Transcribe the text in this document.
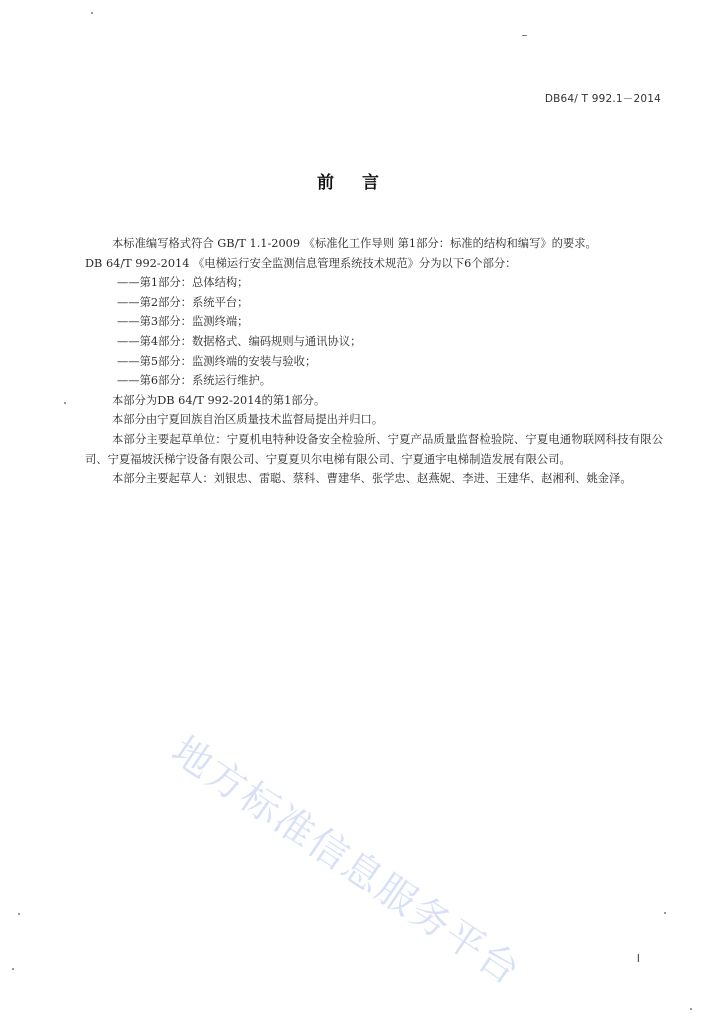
DB64/ T 992.1－2014
前言
本标准编写格式符合 GB/T 1.1-2009 《标准化工作导则 第1部分：标准的结构和编写》的要求。
DB 64/T 992-2014 《电梯运行安全监测信息管理系统技术规范》分为以下6个部分：
——第1部分：总体结构；
——第2部分：系统平台；
——第3部分：监测终端；
——第4部分：数据格式、编码规则与通讯协议；
——第5部分：监测终端的安装与验收；
——第6部分：系统运行维护。
本部分为DB 64/T 992-2014的第1部分。
本部分由宁夏回族自治区质量技术监督局提出并归口。
本部分主要起草单位：宁夏机电特种设备安全检验所、宁夏产品质量监督检验院、宁夏电通物联网科技有限公司、宁夏福坡沃梯宁设备有限公司、宁夏夏贝尔电梯有限公司、宁夏通宇电梯制造发展有限公司。
本部分主要起草人：刘银忠、雷聪、蔡科、曹建华、张学忠、赵燕妮、李进、王建华、赵湘利、姚金泽。
地方标准信息服务平台	I
